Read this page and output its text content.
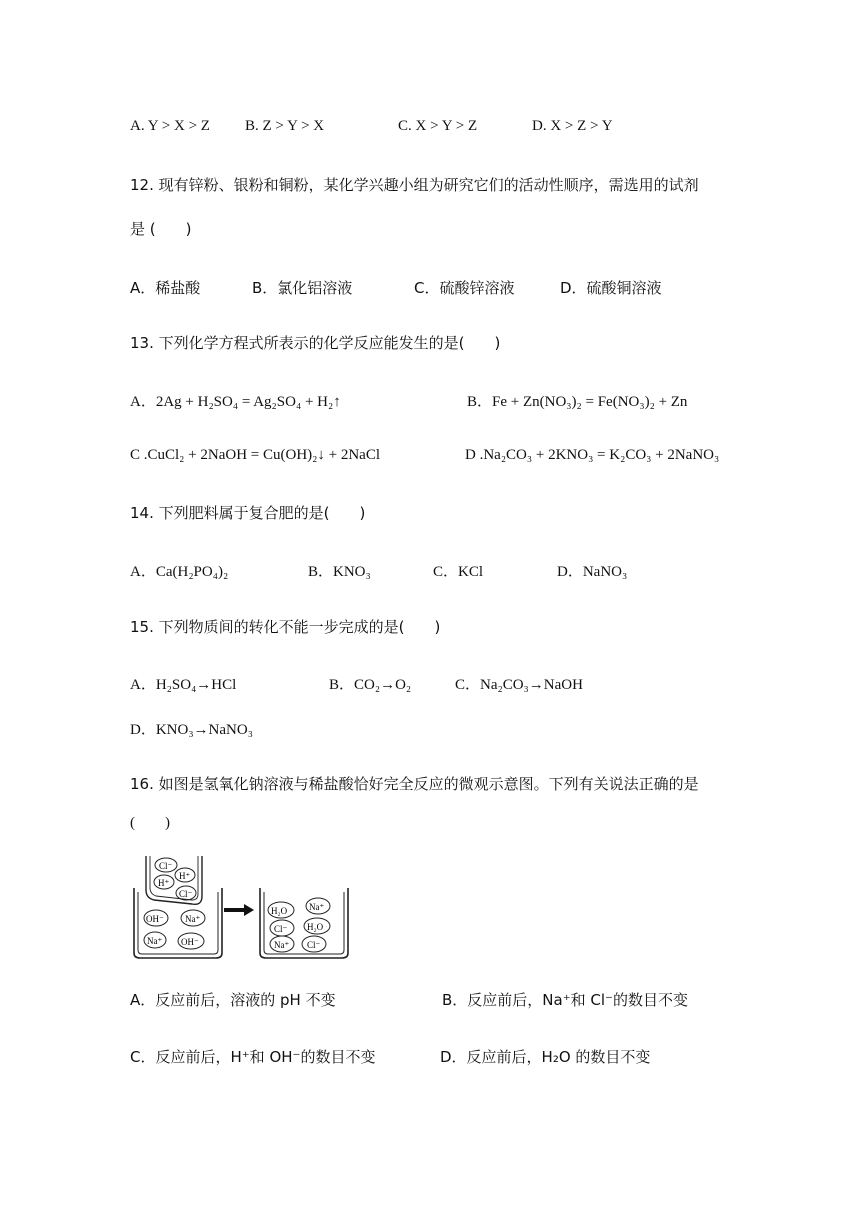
A. Y > X > Z B. Z > Y > X	C. X > Y > Z	D. X > Z > Y
12. 现有锌粉、银粉和铜粉，某化学兴趣小组为研究它们的活动性顺序，需选用的试剂
是 (　　)
A．稀盐酸	B．氯化铝溶液	C．硫酸锌溶液	D．硫酸铜溶液
13. 下列化学方程式所表示的化学反应能发生的是(　　)
A．2Ag + H₂SO₄ = Ag₂SO₄ + H₂↑	B．Fe + Zn(NO₃)₂ = Fe(NO₃)₂ + Zn
C .CuCl₂ + 2NaOH = Cu(OH)₂↓ + 2NaCl	D .Na₂CO₃ + 2KNO₃ = K₂CO₃ + 2NaNO₃
14. 下列肥料属于复合肥的是(　　)
A．Ca(H₂PO₄)₂	B．KNO₃	C．KCl	D．NaNO₃
15. 下列物质间的转化不能一步完成的是(　　)
A．H₂SO₄→HCl	B．CO₂→O₂	C．Na₂CO₃→NaOH
D．KNO₃→NaNO₃
16. 如图是氢氧化钠溶液与稀盐酸恰好完全反应的微观示意图。下列有关说法正确的是
(　　)
Cl⁻
H⁺
H⁺
Cl⁻
OH⁻ Na⁺
Na⁺ OH⁻
H₂O Na⁺
Cl⁻ H₂O
Na⁺ Cl⁻
A．反应前后，溶液的 pH 不变	B．反应前后，Na⁺和 Cl⁻的数目不变
C．反应前后，H⁺和 OH⁻的数目不变	D．反应前后，H₂O 的数目不变
